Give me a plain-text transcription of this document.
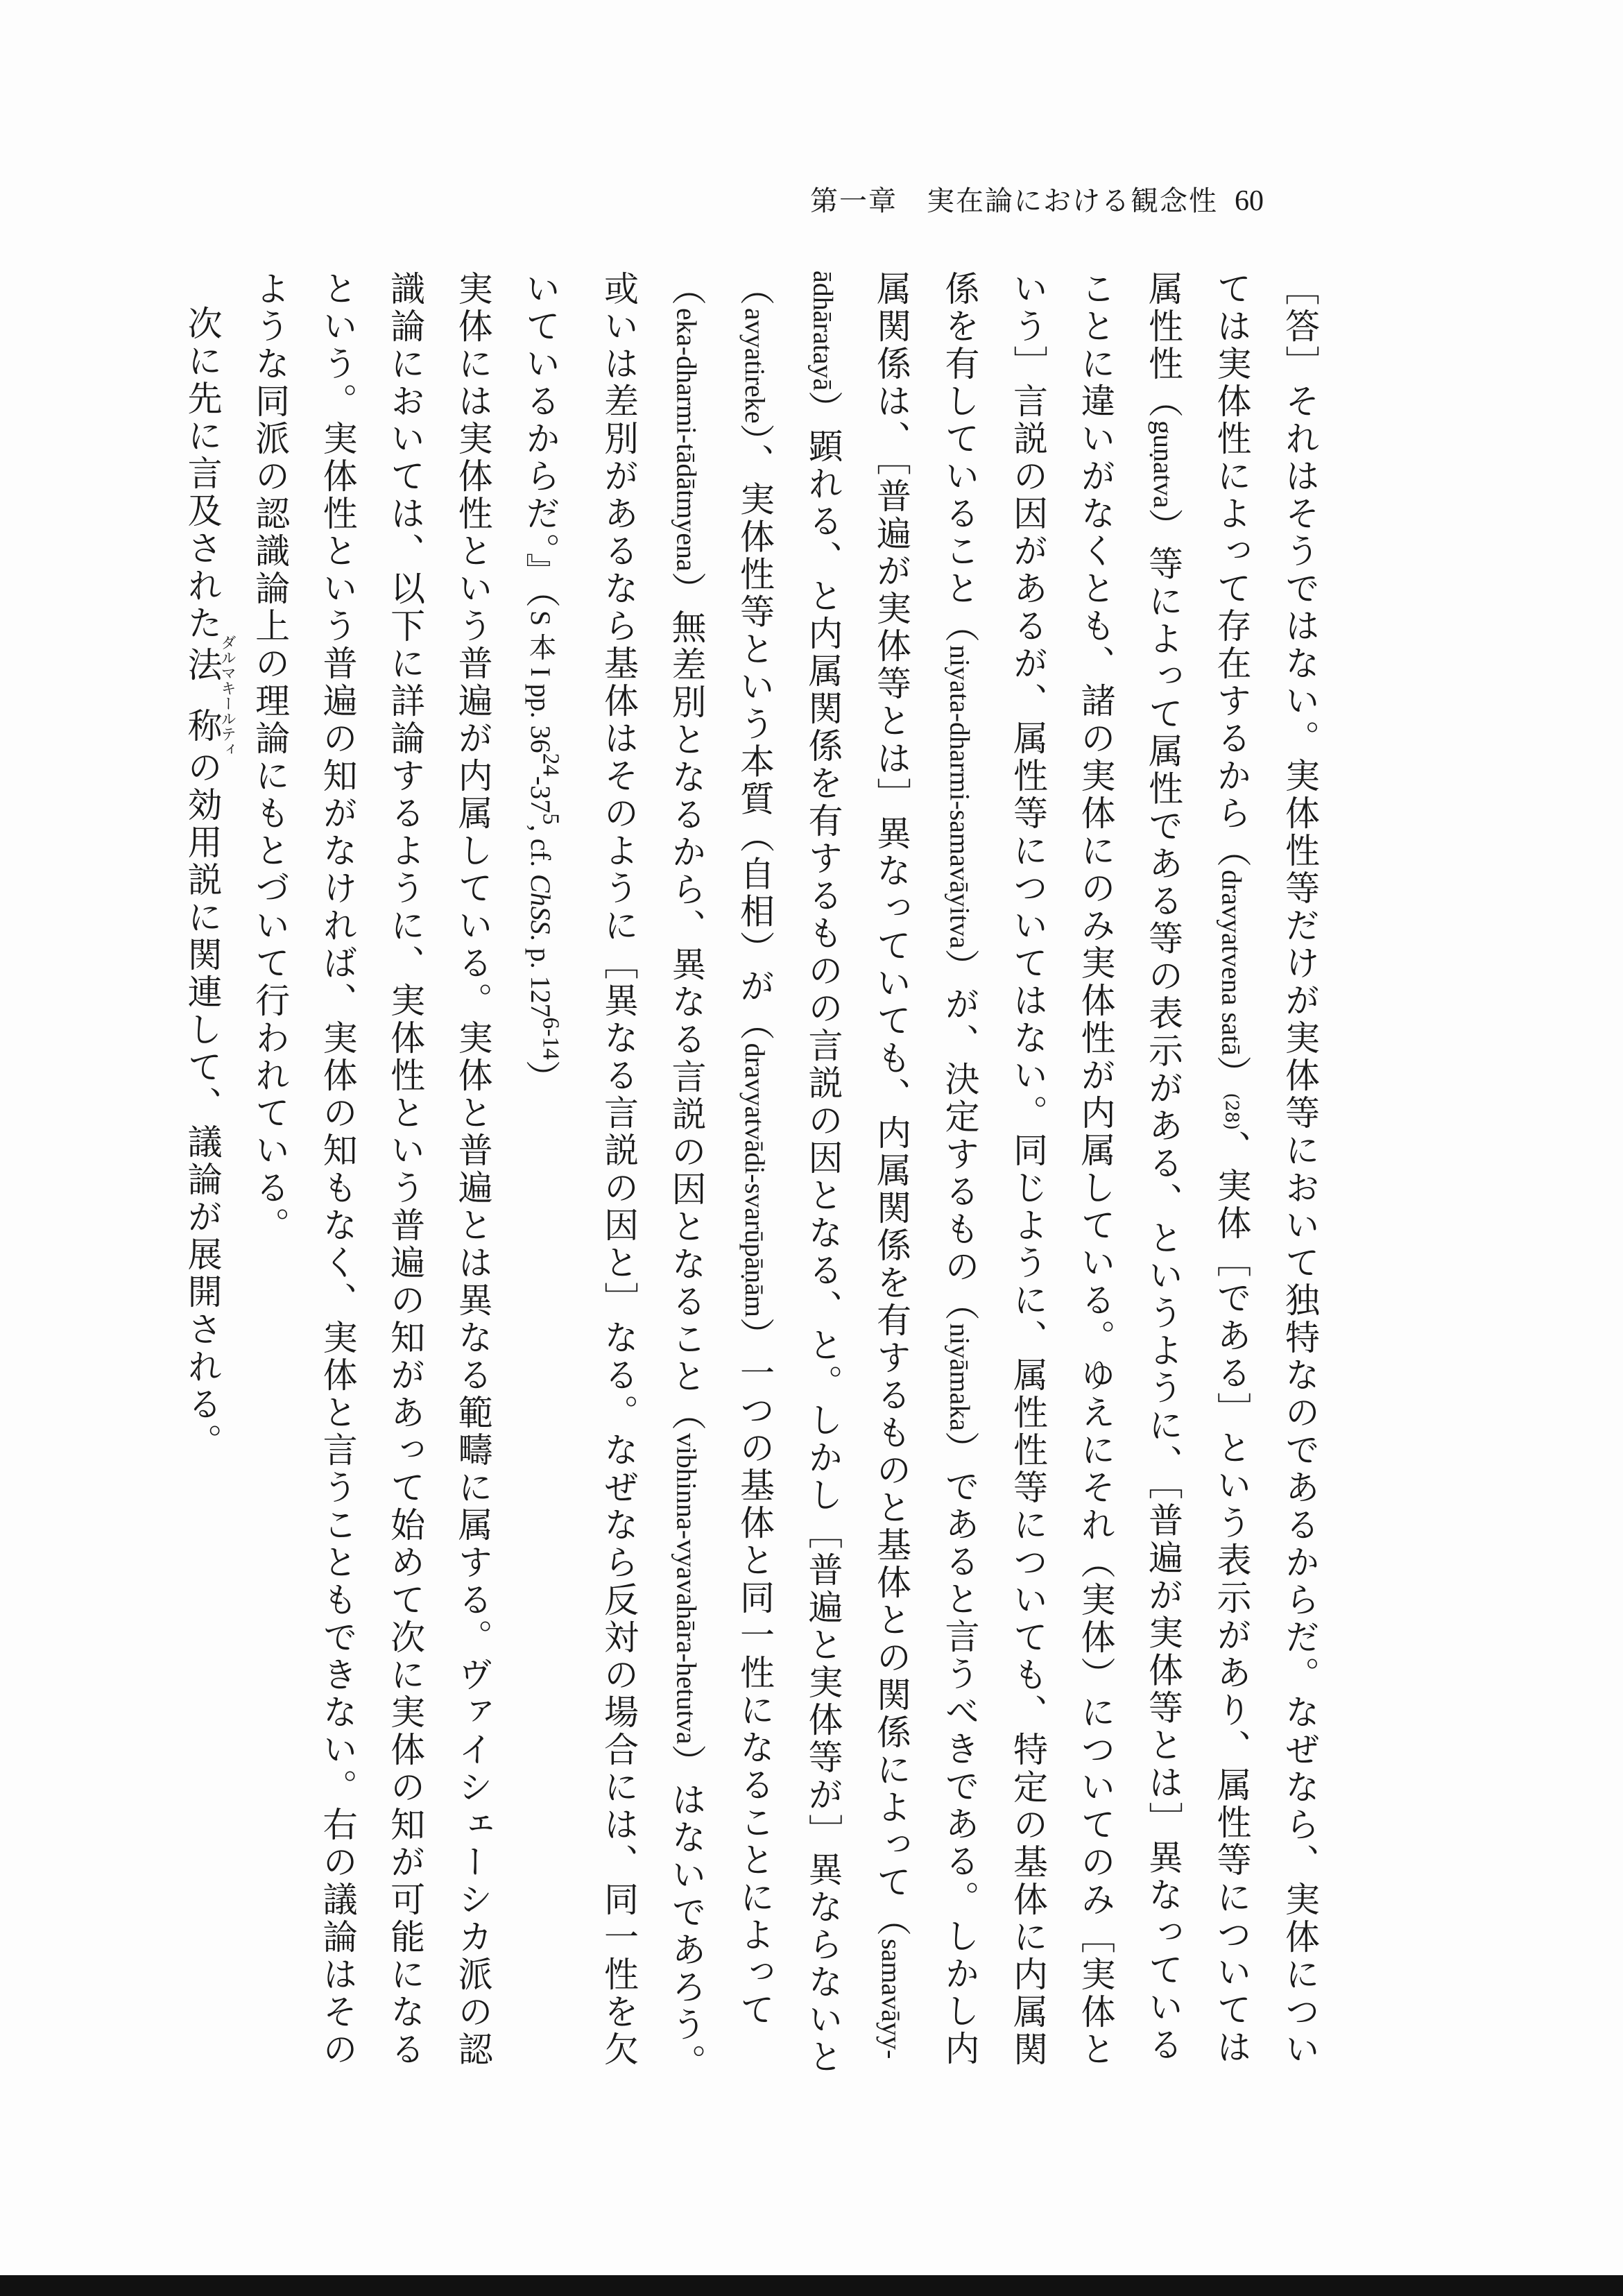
第一章　実在論における観念性 60

［答］それはそうではない。実体性等だけが実体等において独特なのであるからだ。なぜなら、実体については実体性によって存在するから（dravyatvena satā）(28)、実体［である］という表示があり、属性等については属性性（guṇatva）等によって属性である等の表示がある、というように、［普遍が実体等とは］異なっていることに違いがなくとも、諸の実体にのみ実体性が内属している。ゆえにそれ（実体）についてのみ［実体という］言説の因があるが、属性等についてはない。同じように、属性性等についても、特定の基体に内属関係を有していること（niyata-dharmi-samavāyitva）が、決定するもの（niyāmaka）であると言うべきである。しかし内属関係は、［普遍が実体等とは］異なっていても、内属関係を有するものと基体との関係によって（samavāyy-ādhāratayā）顕れる、と内属関係を有するものの言説の因となる、と。しかし［普遍と実体等が］異ならないと（avyatireke）、実体性等という本質（自相）が（dravyatvādi-svarūpāṇām）一つの基体と同一性になることによって（eka-dharmi-tādātmyena）無差別となるから、異なる言説の因となること（vibhinna-vyavahāra-hetutva）はないであろう。或いは差別があるなら基体はそのように［異なる言説の因と］なる。なぜなら反対の場合には、同一性を欠いているからだ。』（S 本 I pp. $36^{24}-37^5$, cf. ChSS. p. 127$^{6-14}$）

実体には実体性という普遍が内属している。実体と普遍とは異なる範疇に属する。ヴァイシェーシカ派の認識論においては、以下に詳論するように、実体性という普遍の知があって始めて次に実体の知が可能になるという。実体性という普遍の知がなければ、実体の知もなく、実体と言うこともできない。右の議論はそのような同派の認識論上の理論にもとづいて行われている。

次に先に言及された法称ダルマキールティの効用説に関連して、議論が展開される。
